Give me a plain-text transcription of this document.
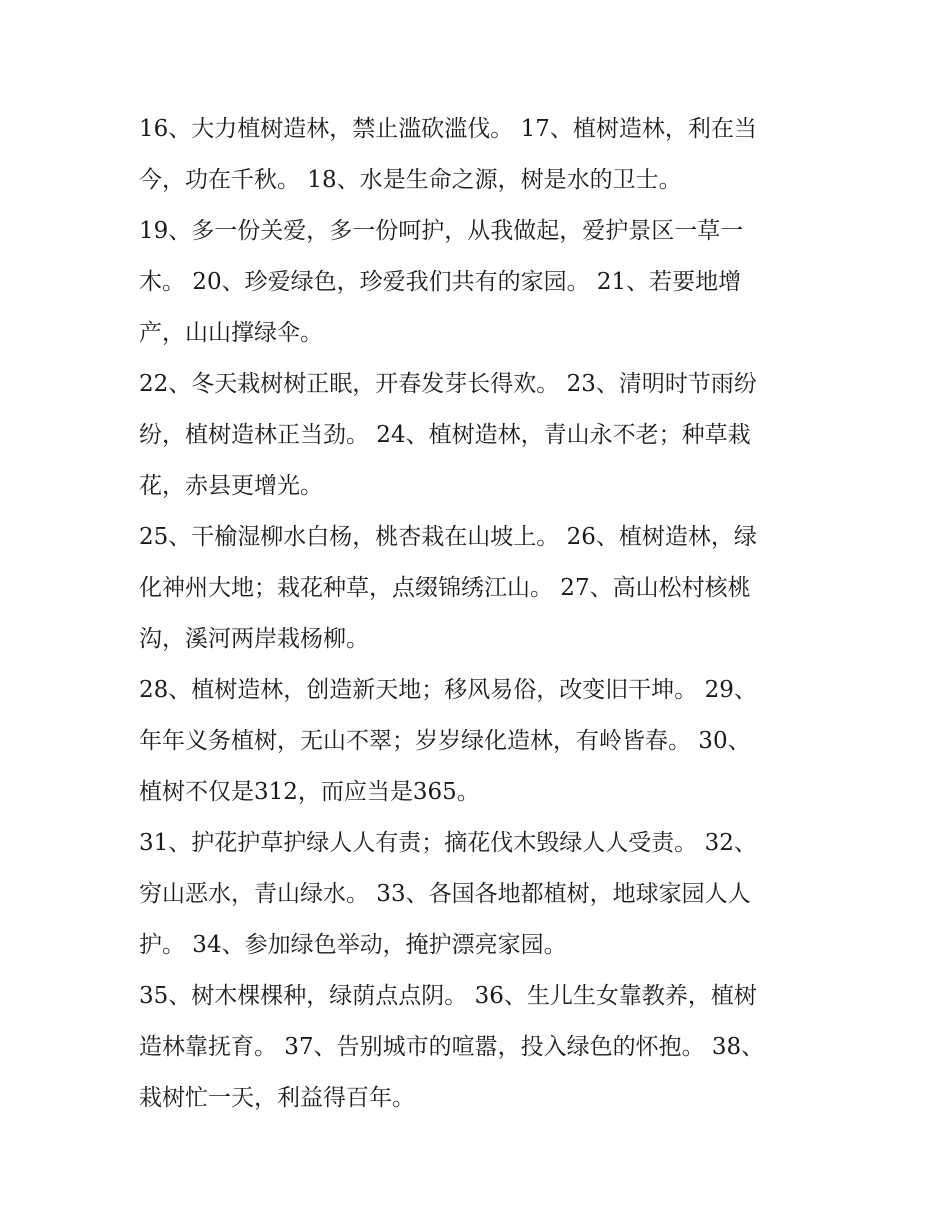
16、大力植树造林，禁止滥砍滥伐。 17、植树造林，利在当
今，功在千秋。 18、水是生命之源，树是水的卫士。

19、多一份关爱，多一份呵护，从我做起，爱护景区一草一
木。 20、珍爱绿色，珍爱我们共有的家园。 21、若要地增
产，山山撑绿伞。

22、冬天栽树树正眠，开春发芽长得欢。 23、清明时节雨纷
纷，植树造林正当劲。 24、植树造林，青山永不老；种草栽
花，赤县更增光。

25、干榆湿柳水白杨，桃杏栽在山坡上。 26、植树造林，绿
化神州大地；栽花种草，点缀锦绣江山。 27、高山松村核桃
沟，溪河两岸栽杨柳。

28、植树造林，创造新天地；移风易俗，改变旧干坤。 29、
年年义务植树，无山不翠；岁岁绿化造林，有岭皆春。 30、
植树不仅是312，而应当是365。

31、护花护草护绿人人有责；摘花伐木毁绿人人受责。 32、
穷山恶水，青山绿水。 33、各国各地都植树，地球家园人人
护。 34、参加绿色举动，掩护漂亮家园。

35、树木棵棵种，绿荫点点阴。 36、生儿生女靠教养，植树
造林靠抚育。 37、告别城市的喧嚣，投入绿色的怀抱。 38、
栽树忙一天，利益得百年。
